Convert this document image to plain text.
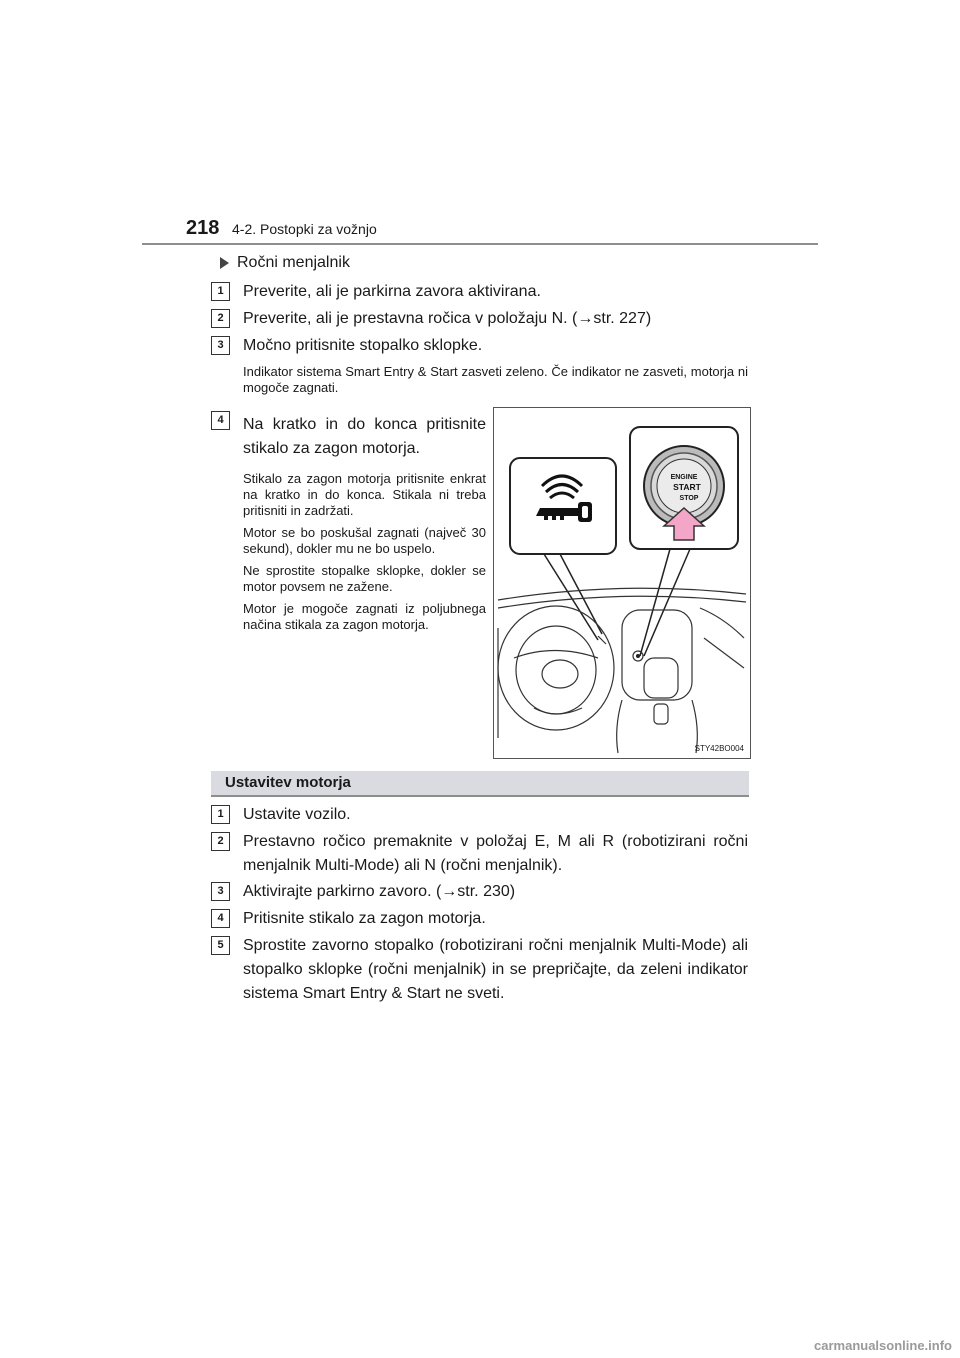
218 4-2. Postopki za vožnjo
Ročni menjalnik
1	Preverite, ali je parkirna zavora aktivirana.
2	Preverite, ali je prestavna ročica v položaju N. (→str. 227)
3	Močno pritisnite stopalko sklopke.
Indikator sistema Smart Entry & Start zasveti zeleno. Če indikator ne zasveti, motorja ni mogoče zagnati.
4	Na kratko in do konca pritisnite stikalo za zagon motorja.
Stikalo za zagon motorja pritisnite enkrat na kratko in do konca. Stikala ni treba pritisniti in zadržati.
Motor se bo poskušal zagnati (največ 30 sekund), dokler mu ne bo uspelo.
Ne sprostite stopalke sklopke, dokler se motor povsem ne zažene.
Motor je mogoče zagnati iz poljubnega načina stikala za zagon motorja.
ENGINE
START
STOP
STY42BO004
Ustavitev motorja
1	Ustavite vozilo.
2	Prestavno ročico premaknite v položaj E, M ali R (robotizirani ročni menjalnik Multi-Mode) ali N (ročni menjalnik).
3	Aktivirajte parkirno zavoro. (→str. 230)
4	Pritisnite stikalo za zagon motorja.
5	Sprostite zavorno stopalko (robotizirani ročni menjalnik Multi-Mode) ali stopalko sklopke (ročni menjalnik) in se prepričajte, da zeleni indikator sistema Smart Entry & Start ne sveti.
carmanualsonline.info
